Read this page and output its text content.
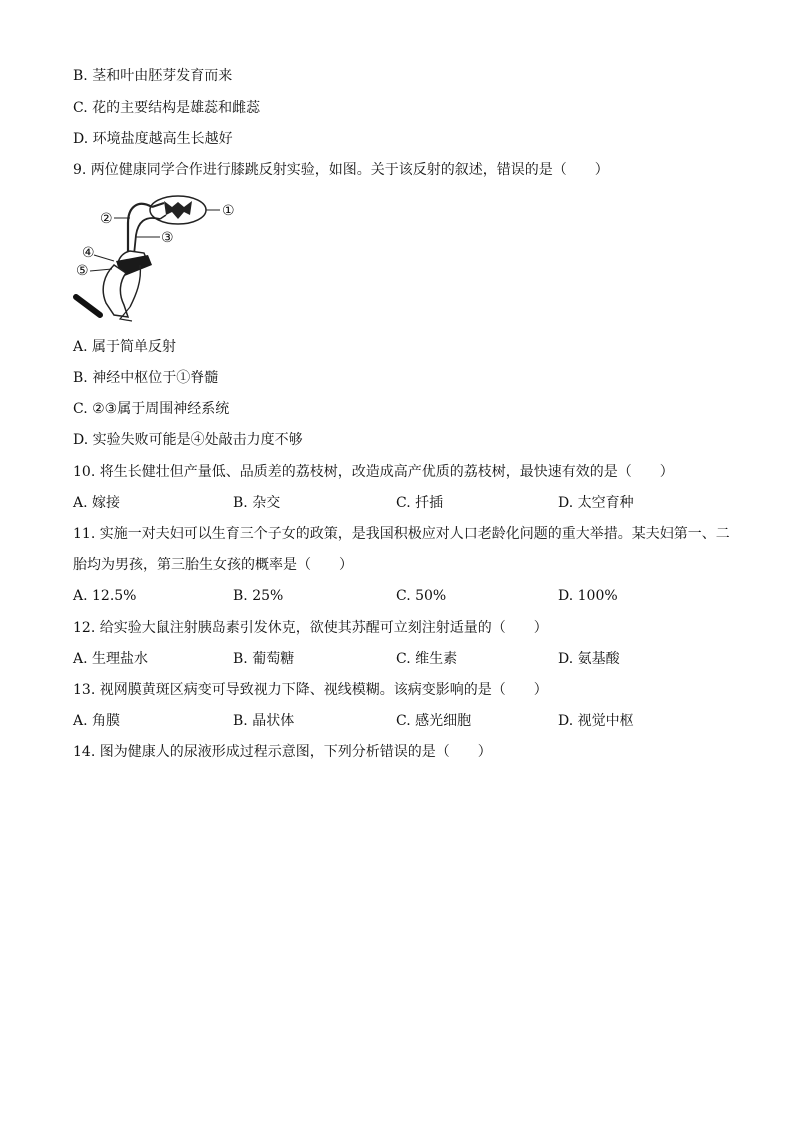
B. 茎和叶由胚芽发育而来
C. 花的主要结构是雄蕊和雌蕊
D. 环境盐度越高生长越好
9. 两位健康同学合作进行膝跳反射实验，如图。关于该反射的叙述，错误的是（　　）
①
②
③
④
⑤
A. 属于简单反射
B. 神经中枢位于①脊髓
C. ②③属于周围神经系统
D. 实验失败可能是④处敲击力度不够
10. 将生长健壮但产量低、品质差的荔枝树，改造成高产优质的荔枝树，最快速有效的是（　　）
A. 嫁接	B. 杂交	C. 扦插	D. 太空育种
11. 实施一对夫妇可以生育三个子女的政策，是我国积极应对人口老龄化问题的重大举措。某夫妇第一、二
胎均为男孩，第三胎生女孩的概率是（　　）
A. 12.5%	B. 25%	C. 50%	D. 100%
12. 给实验大鼠注射胰岛素引发休克，欲使其苏醒可立刻注射适量的（　　）
A. 生理盐水	B. 葡萄糖	C. 维生素	D. 氨基酸
13. 视网膜黄斑区病变可导致视力下降、视线模糊。该病变影响的是（　　）
A. 角膜	B. 晶状体	C. 感光细胞	D. 视觉中枢
14. 图为健康人的尿液形成过程示意图，下列分析错误的是（　　）
